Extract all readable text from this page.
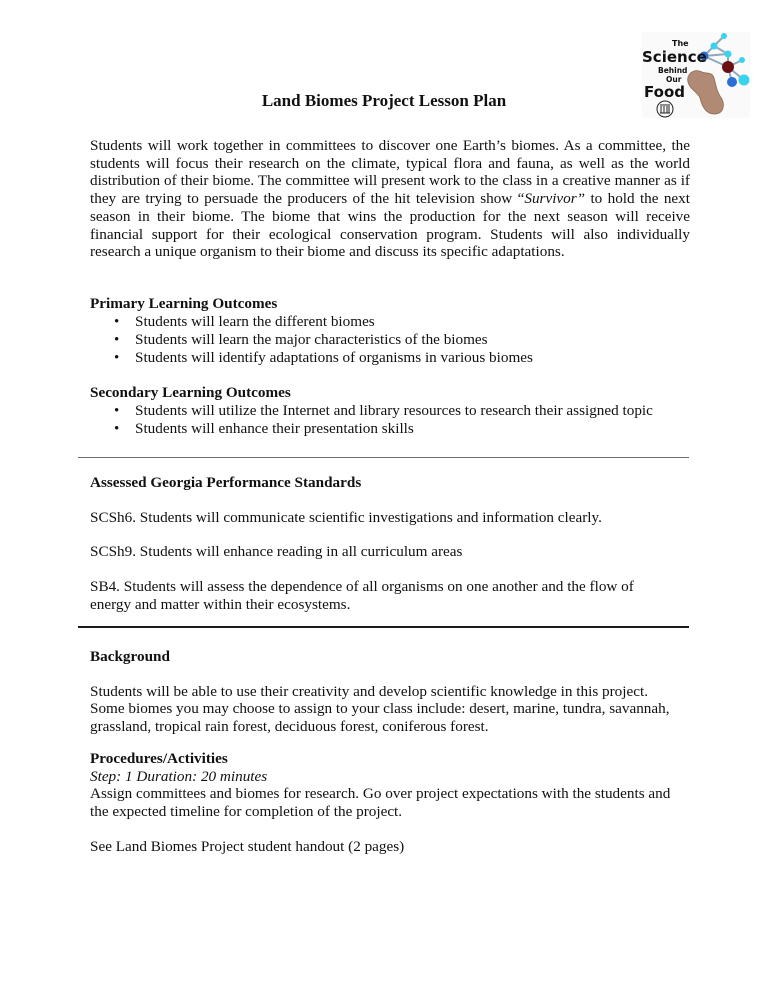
The
Science
Behind
Our
Food
Land Biomes Project Lesson Plan

Students will work together in committees to discover one Earth’s biomes. As a committee, the students will focus their research on the climate, typical flora and fauna, as well as the world distribution of their biome. The committee will present work to the class in a creative manner as if they are trying to persuade the producers of the hit television show “Survivor” to hold the next season in their biome. The biome that wins the production for the next season will receive financial support for their ecological conservation program. Students will also individually research a unique organism to their biome and discuss its specific adaptations.

Primary Learning Outcomes
• Students will learn the different biomes
• Students will learn the major characteristics of the biomes
• Students will identify adaptations of organisms in various biomes
Secondary Learning Outcomes
• Students will utilize the Internet and library resources to research their assigned topic
• Students will enhance their presentation skills
Assessed Georgia Performance Standards

SCSh6. Students will communicate scientific investigations and information clearly.

SCSh9. Students will enhance reading in all curriculum areas

SB4. Students will assess the dependence of all organisms on one another and the flow of energy and matter within their ecosystems.

Background

Students will be able to use their creativity and develop scientific knowledge in this project. Some biomes you may choose to assign to your class include: desert, marine, tundra, savannah, grassland, tropical rain forest, deciduous forest, coniferous forest.

Procedures/Activities

Step: 1 Duration: 20 minutes

Assign committees and biomes for research. Go over project expectations with the students and the expected timeline for completion of the project.

See Land Biomes Project student handout (2 pages)
